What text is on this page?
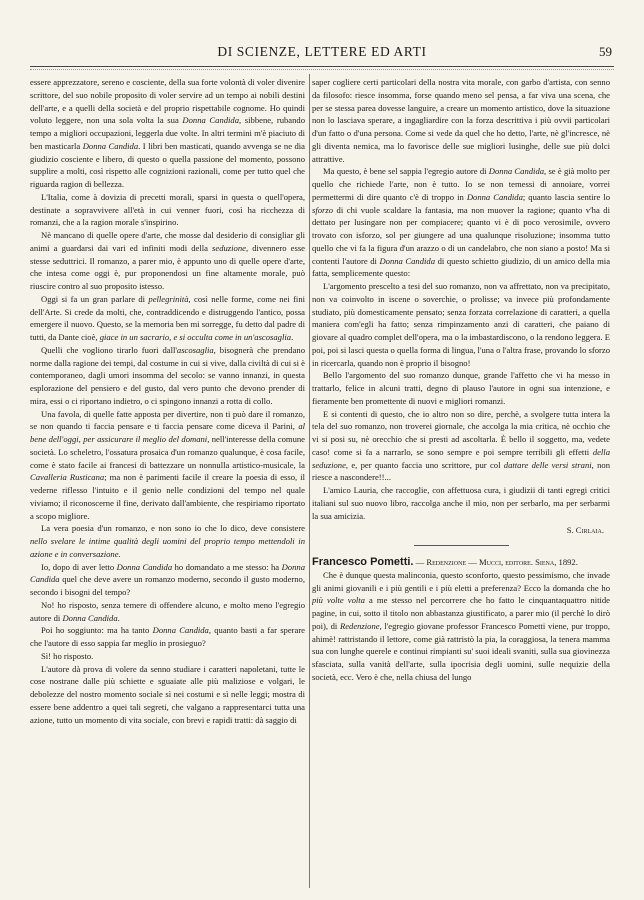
DI SCIENZE, LETTERE ED ARTI	59

essere apprezzatore, sereno e cosciente, della sua forte volontà di voler divenire scrittore, del suo nobile proposito di voler servire ad un tempo ai nobili destini dell'arte, e a quelli della società e del proprio rispettabile cognome. Ho quindi voluto leggere, non una sola volta la sua Donna Candida, sibbene, rubando tempo a migliori occupazioni, leggerla due volte. In altri termini m'è piaciuto di ben masticarla Donna Candida. I libri ben masticati, quando avvenga se ne dia giudizio cosciente e libero, di questo o quella passione del momento, possono supplire a molti, così rispetto alle cognizioni razionali, come per tutto quel che riguarda ragion di bellezza.

L'Italia, come à dovizia di precetti morali, sparsi in questa o quell'opera, destinate a sopravvivere all'età in cui venner fuori, così ha ricchezza di romanzi, che a la ragion morale s'inspirino.

Nè mancano di quelle opere d'arte, che mosse dal desiderio di consigliar gli animi a guardarsi dai vari ed infiniti modi della seduzione, divennero esse stesse seduttrici. Il romanzo, a parer mio, è appunto uno di quelle opere d'arte, che intesa come oggi è, pur proponendosi un fine altamente morale, può riuscire contro al suo proposito istesso.

Oggi si fa un gran parlare di pellegrinità, così nelle forme, come nei fini dell'Arte. Si crede da molti, che, contraddicendo e distruggendo l'antico, possa emergere il nuovo. Questo, se la memoria ben mi sorregge, fu detto dal padre di tutti, da Dante cioè, giace in un sacrario, e si occulta come in un'ascosaglia.

Quelli che vogliono tirarlo fuori dall'ascosaglia, bisognerà che prendano norme dalla ragione dei tempi, dal costume in cui si vive, dalla civiltà di cui si è contemporaneo, dagli umori insomma del secolo: se vanno innanzi, in questa esplorazione del pensiero e del gusto, dal vero punto che devono prender di mira, essi o ci riportano indietro, o ci spingono innanzi a rotta di collo.

Una favola, di quelle fatte apposta per divertire, non ti può dare il romanzo, se non quando ti faccia pensare e ti faccia pensare come diceva il Parini, al bene dell'oggi, per assicurare il meglio del domani, nell'interesse della comune società. Lo scheletro, l'ossatura prosaica d'un romanzo qualunque, è cosa facile, come è stato facile ai francesi di battezzare un nonnulla artistico-musicale, la Cavalleria Rusticana; ma non è parimenti facile il creare la poesia di esso, il vederne riflesso l'intuito e il genio nelle condizioni del tempo nel quale viviamo; il riconoscerne il fine, derivato dall'ambiente, che respiriamo riportato a scopo migliore.

La vera poesia d'un romanzo, e non sono io che lo dico, deve consistere nello svelare le intime qualità degli uomini del proprio tempo mettendoli in azione e in conversazione.

Io, dopo di aver letto Donna Candida ho domandato a me stesso: ha Donna Candida quel che deve avere un romanzo moderno, secondo il gusto moderno, secondo i bisogni del tempo?

No! ho risposto, senza temere di offendere alcuno, e molto meno l'egregio autore di Donna Candida.

Poi ho soggiunto: ma ha tanto Donna Candida, quanto basti a far sperare che l'autore di esso sappia far meglio in prosieguo?

Sì! ho risposto.

L'autore dà prova di volere da senno studiare i caratteri napoletani, tutte le cose nostrane dalle più schiette e sguaiate alle più maliziose e volgari, le debolezze del nostro momento sociale sì nei costumi e sì nelle leggi; mostra di essere bene addentro a quei tali segreti, che valgano a rappresentarci tutta una azione, tutto un momento di vita sociale, con brevi e rapidi tratti: dà saggio di

saper cogliere certi particolari della nostra vita morale, con garbo d'artista, con senno da filosofo: riesce insomma, forse quando meno sel pensa, a far viva una scena, che per se stessa parea dovesse languire, a creare un momento artistico, dove la situazione non lo lasciava sperare, a ingagliardire con la forza descrittiva i più ovvii particolari d'un fatto o d'una persona. Come si vede da quel che ho detto, l'arte, nè gl'incresce, nè gli diventa nemica, ma lo favorisce delle sue migliori lusinghe, delle sue più dolci attrattive.

Ma questo, è bene sel sappia l'egregio autore di Donna Candida, se è già molto per quello che richiede l'arte, non è tutto. Io se non temessi di annoiare, vorrei permettermi di dire quanto c'è di troppo in Donna Candida; quanto lascia sentire lo sforzo di chi vuole scaldare la fantasia, ma non muover la ragione; quanto v'ha di dettato per lusingare non per compiacere; quanto vi è di poco verosimile, ovvero trovato con isforzo, sol per giungere ad una qualunque risoluzione; insomma tutto quello che vi fa la figura d'un arazzo o di un candelabro, che non siano a posto! Ma si contenti l'autore di Donna Candida di questo schietto giudizio, di un amico della mia fatta, semplicemente questo:

L'argomento prescelto a tesi del suo romanzo, non va affrettato, non va precipitato, non va coinvolto in iscene o soverchie, o prolisse; va invece più profondamente studiato, più domesticamente pensato; senza forzata correlazione di caratteri, a quella maniera com'egli ha fatto; senza rimpinzamento anzi di caratteri, che paiano di giovare al quadro complet dell'opera, ma o la imbastardiscono, o la rendono leggera. E poi, poi si lasci questa o quella forma di lingua, l'una o l'altra frase, provando lo sforzo in ricercarla, quando non è proprio il bisogno!

Bello l'argomento del suo romanzo dunque, grande l'affetto che vi ha messo in trattarlo, felice in alcuni tratti, degno di plauso l'autore in ogni sua intenzione, e fieramente ben promettente di nuovi e migliori romanzi.

E si contenti di questo, che io altro non so dire, perchè, a svolgere tutta intera la tela del suo romanzo, non troverei giornale, che accolga la mia critica, nè occhio che vi si posi su, nè orecchio che si presti ad ascoltarla. È bello il soggetto, ma, vedete caso! come si fa a narrarlo, se sono sempre e poi sempre terribili gli effetti della seduzione, e, per quanto faccia uno scrittore, pur col dattare delle versi strani, non riesce a nascondere!!...

L'amico Lauria, che raccoglie, con affettuosa cura, i giudizii di tanti egregi critici italiani sul suo nuovo libro, raccolga anche il mio, non per serbarlo, ma per serbarmi la sua amicizia.

S. Cirlaia.

Francesco Pometti. — Redenzione — Mucci, editore. Siena, 1892.

Che è dunque questa malinconia, questo sconforto, questo pessimismo, che invade gli animi giovanili e i più gentili e i più eletti a preferenza? Ecco la domanda che ho più volte volta a me stesso nel percorrere che ho fatto le cinquantaquattro nitide pagine, in cui, sotto il titolo non abbastanza giustificato, a parer mio (il perchè lo dirò poi), di Redenzione, l'egregio giovane professor Francesco Pometti viene, pur troppo, ahimè! rattristando il lettore, come già rattristò la pia, la coraggiosa, la tenera mamma sua con lunghe querele e continui rimpianti su' suoi ideali svaniti, sulla sua giovinezza sfasciata, sulla vanità dell'arte, sulla ipocrisia degli uomini, sulle nequizie della società, ecc. Vero è che, nella chiusa del lungo
